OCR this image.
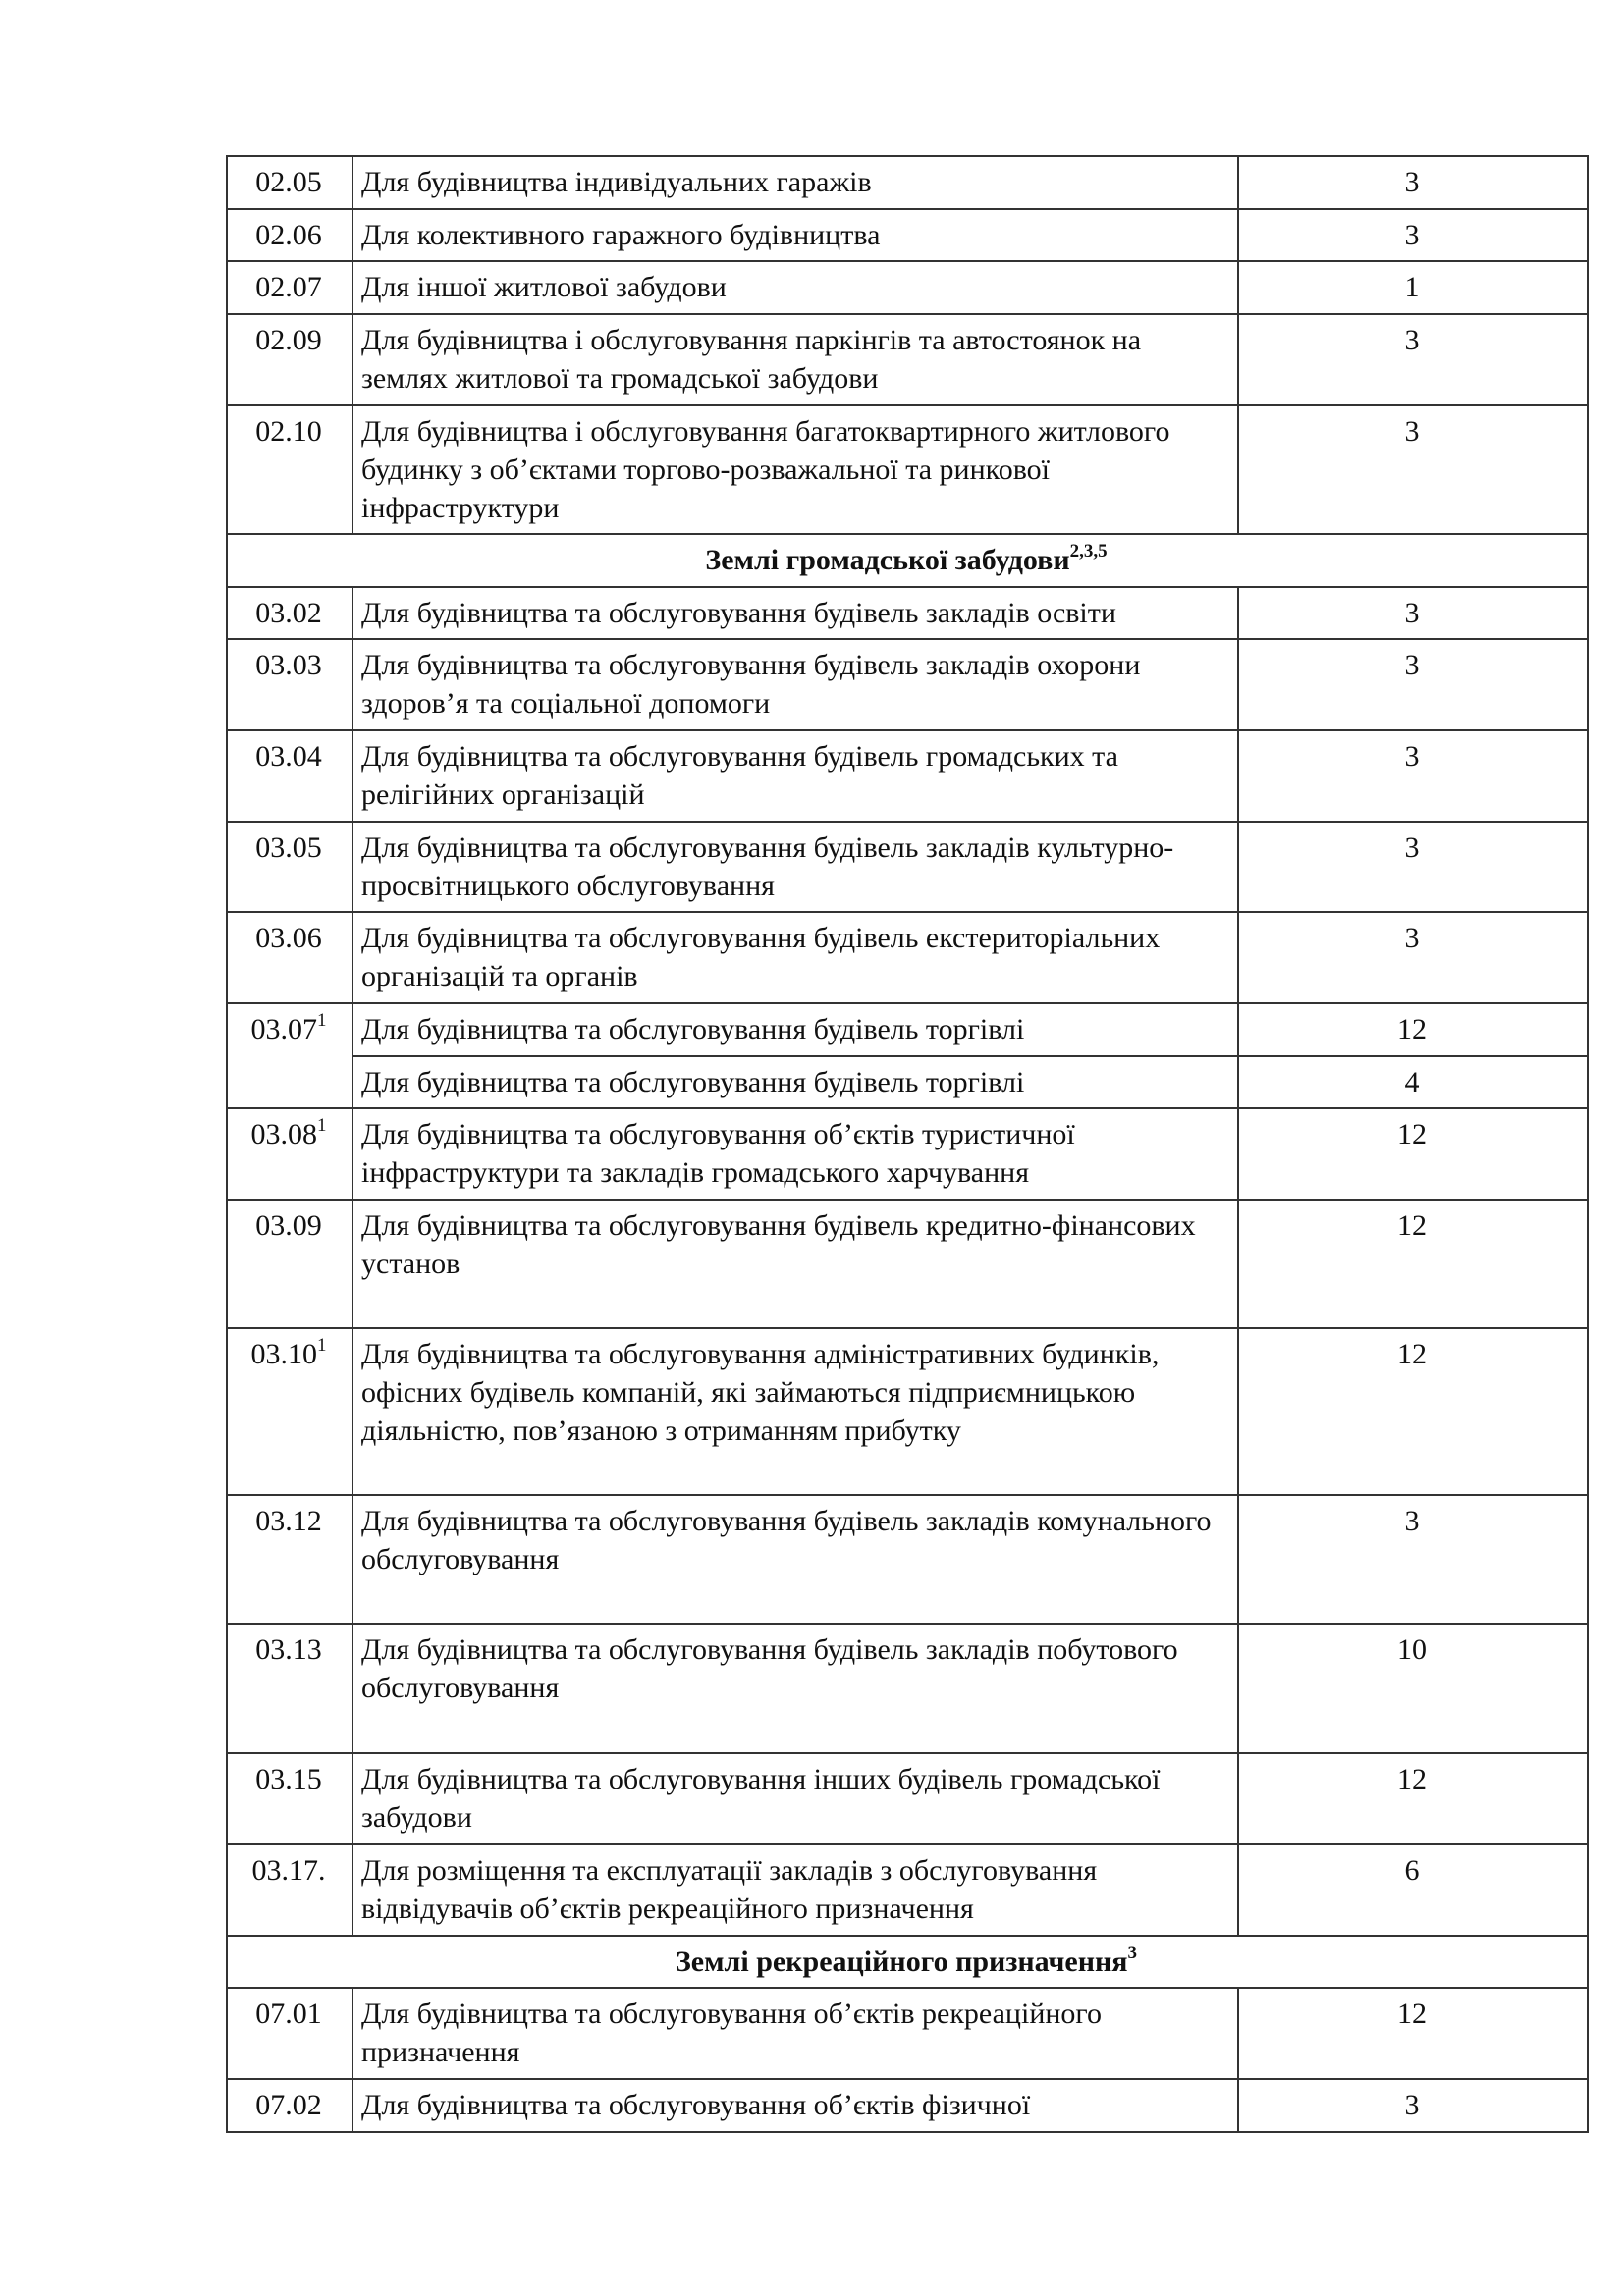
02.05	Для будівництва індивідуальних гаражів	3
02.06	Для колективного гаражного будівництва	3
02.07	Для іншої житлової забудови	1
02.09	Для будівництва і обслуговування паркінгів та автостоянок на землях житлової та громадської забудови	3
02.10	Для будівництва і обслуговування багатоквартирного житлового будинку з об’єктами торгово-розважальної та ринкової інфраструктури	3
Землі громадської забудови$^{2,3,5}$
03.02	Для будівництва та обслуговування будівель закладів освіти	3
03.03	Для будівництва та обслуговування будівель закладів охорони здоров’я та соціальної допомоги	3
03.04	Для будівництва та обслуговування будівель громадських та релігійних організацій	3
03.05	Для будівництва та обслуговування будівель закладів культурно-просвітницького обслуговування	3
03.06	Для будівництва та обслуговування будівель екстериторіальних організацій та органів	3
03.07$^1$	Для будівництва та обслуговування будівель торгівлі	12
	Для будівництва та обслуговування будівель торгівлі	4
03.08$^1$	Для будівництва та обслуговування об’єктів туристичної інфраструктури та закладів громадського харчування	12
03.09	Для будівництва та обслуговування будівель кредитно-фінансових установ	12
03.10$^1$	Для будівництва та обслуговування адміністративних будинків, офісних будівель компаній, які займаються підприємницькою діяльністю, пов’язаною з отриманням прибутку	12
03.12	Для будівництва та обслуговування будівель закладів комунального обслуговування	3
03.13	Для будівництва та обслуговування будівель закладів побутового обслуговування	10
03.15	Для будівництва та обслуговування інших будівель громадської забудови	12
03.17.	Для розміщення та експлуатації закладів з обслуговування відвідувачів об’єктів рекреаційного призначення	6
Землі рекреаційного призначення$^3$
07.01	Для будівництва та обслуговування об’єктів рекреаційного призначення	12
07.02	Для будівництва та обслуговування об’єктів фізичної	3
